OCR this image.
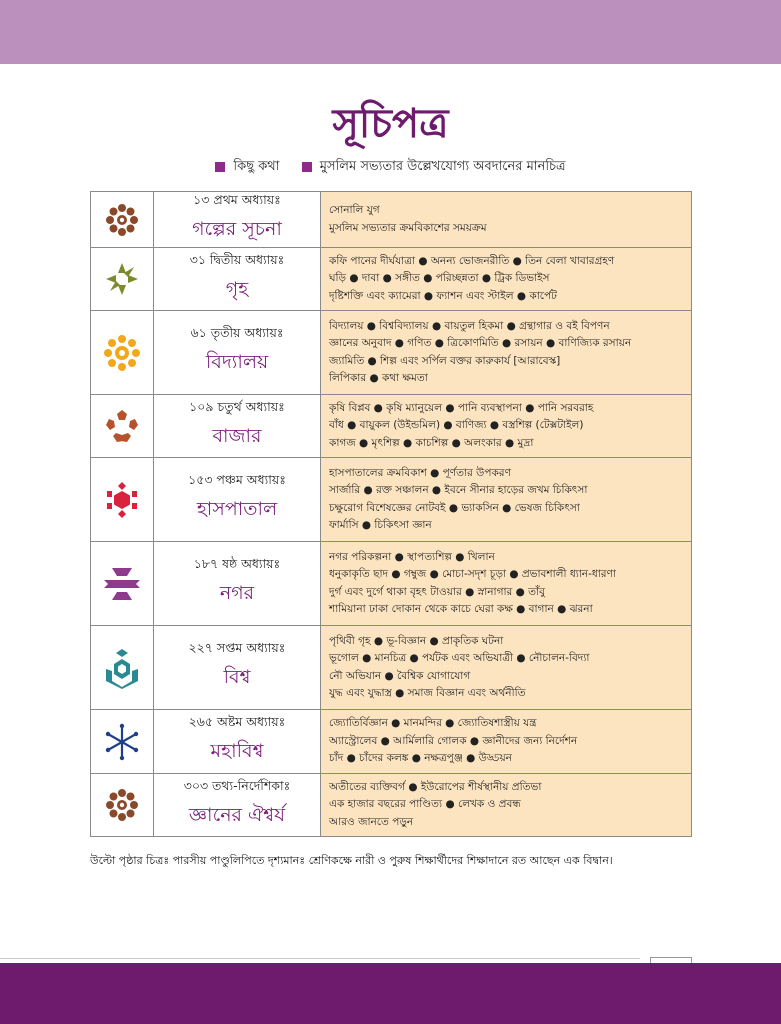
সূচিপত্র
কিছু কথা	মুসলিম সভ্যতার উল্লেখযোগ্য অবদানের মানচিত্র

১৩ প্রথম অধ্যায়ঃ
গল্পের সূচনা	সোনালি যুগ
মুসলিম সভ্যতার ক্রমবিকাশের সময়ক্রম

৩১ দ্বিতীয় অধ্যায়ঃ
গৃহ	কফি পানের দীর্ঘযাত্রা ● অনন্য ভোজনরীতি ● তিন বেলা খাবারগ্রহণ
ঘড়ি ● দাবা ● সঙ্গীত ● পরিচ্ছন্নতা ● ট্রিক ডিভাইস
দৃষ্টিশক্তি এবং ক্যামেরা ● ফ্যাশন এবং স্টাইল ● কার্পেট

৬১ তৃতীয় অধ্যায়ঃ
বিদ্যালয়	বিদ্যালয় ● বিশ্ববিদ্যালয় ● বায়তুল হিকমা ● গ্রন্থাগার ও বই বিপণন
জ্ঞানের অনুবাদ ● গণিত ● ত্রিকোণমিতি ● রসায়ন ● বাণিজ্যিক রসায়ন
জ্যামিতি ● শিল্প এবং সর্পিল বক্তর কারুকার্য [আরাবেস্ক]
লিপিকার ● কথা ক্ষমতা

১০৯ চতুর্থ অধ্যায়ঃ
বাজার	কৃষি বিপ্লব ● কৃষি ম্যানুয়েল ● পানি ব্যবস্থাপনা ● পানি সরবরাহ
বাঁধ ● বায়ুকল (উইন্ডমিল) ● বাণিজ্য ● বস্ত্রশিল্প (টেক্সটাইল)
কাগজ ● মৃৎশিল্প ● কাচশিল্প ● অলংকার ● মুদ্রা

১৫৩ পঞ্চম অধ্যায়ঃ
হাসপাতাল	হাসপাতালের ক্রমবিকাশ ● পূর্ণতার উপকরণ
সার্জারি ● রক্ত সঞ্চালন ● ইবনে সীনার হাড়ের জখম চিকিৎসা
চক্ষুরোগ বিশেষজ্ঞের নোটবই ● ভ্যাকসিন ● ভেষজ চিকিৎসা
ফার্মাসি ● চিকিৎসা জ্ঞান

১৮৭ ষষ্ঠ অধ্যায়ঃ
নগর	নগর পরিকল্পনা ● স্থাপত্যশিল্প ● খিলান
ধনুকাকৃতি ছাদ ● গম্বুজ ● মোচা-সদৃশ চূড়া ● প্রভাবশালী ধ্যান-ধারণা
দুর্গ এবং দুর্গে থাকা বৃহৎ টাওয়ার ● স্নানাগার ● তাঁবু
শামিয়ানা ঢাকা দোকান থেকে কাচে ঘেরা কক্ষ ● বাগান ● ঝরনা

২২৭ সপ্তম অধ্যায়ঃ
বিশ্ব	পৃথিবী গৃহ ● ভূ-বিজ্ঞান ● প্রাকৃতিক ঘটনা
ভূগোল ● মানচিত্র ● পর্যটক এবং অভিযাত্রী ● নৌচালন-বিদ্যা
নৌ অভিযান ● বৈশ্বিক যোগাযোগ
যুদ্ধ এবং যুদ্ধাস্ত্র ● সমাজ বিজ্ঞান এবং অর্থনীতি

২৬৫ অষ্টম অধ্যায়ঃ
মহাবিশ্ব	জ্যোতির্বিজ্ঞান ● মানমন্দির ● জ্যোতিষশাস্ত্রীয় যন্ত্র
অ্যাস্ট্রোলেব ● আর্মিলারি গোলক ● জ্ঞানীদের জন্য নির্দেশন
চাঁদ ● চাঁদের কলঙ্ক ● নক্ষত্রপুঞ্জ ● উড্ডয়ন

৩০৩ তথ্য-নির্দেশিকাঃ
জ্ঞানের ঐশ্বর্য	অতীতের ব্যক্তিবর্গ ● ইউরোপের শীর্ষস্থানীয় প্রতিভা
এক হাজার বছরের পাণ্ডিত্য ● লেখক ও প্রবন্ধ
আরও জানতে পড়ুন
উল্টো পৃষ্ঠার চিত্রঃ পারসীয় পাণ্ডুলিপিতে দৃশ্যমানঃ শ্রেণিকক্ষে নারী ও পুরুষ শিক্ষার্থীদের শিক্ষাদানে রত আছেন এক বিদ্বান।
